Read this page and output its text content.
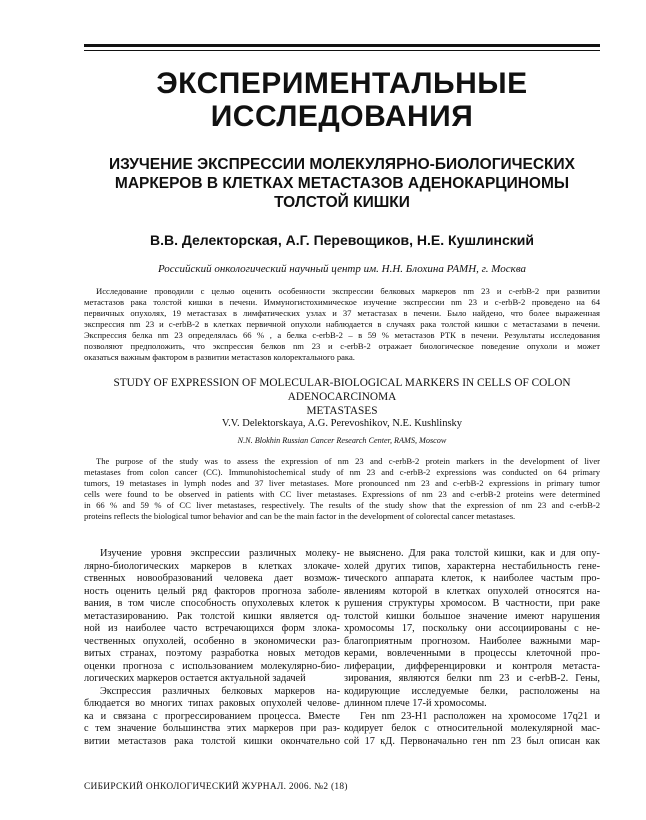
ЭКСПЕРИМЕНТАЛЬНЫЕ
ИССЛЕДОВАНИЯ
ИЗУЧЕНИЕ ЭКСПРЕССИИ МОЛЕКУЛЯРНО-БИОЛОГИЧЕСКИХ
МАРКЕРОВ В КЛЕТКАХ МЕТАСТАЗОВ АДЕНОКАРЦИНОМЫ
ТОЛСТОЙ КИШКИ
В.В. Делекторская, А.Г. Перевощиков, Н.Е. Кушлинский
Российский онкологический научный центр им. Н.Н. Блохина РАМН, г. Москва
Исследование проводили с целью оценить особенности экспрессии белковых маркеров nm 23 и c-erbB-2 при развитии
метастазов рака толстой кишки в печени. Иммуногистохимическое изучение экспрессии nm 23 и c-erbB-2 проведено на 64
первичных опухолях, 19 метастазах в лимфатических узлах и 37 метастазах в печени. Было найдено, что более выраженная
экспрессия nm 23 и c-erbB-2 в клетках первичной опухоли наблюдается в случаях рака толстой кишки с метастазами в печени.
Экспрессия белка nm 23 определялась 66 % , а белка c-erbB-2 – в 59 % метастазов РТК в печени. Результаты исследования
позволяют предположить, что экспрессия белков nm 23 и c-erbB-2 отражает биологическое поведение опухоли и может
оказаться важным фактором в развитии метастазов колоректального рака.
STUDY OF EXPRESSION OF MOLECULAR-BIOLOGICAL MARKERS IN CELLS OF COLON ADENOCARCINOMA
METASTASES
V.V. Delektorskaya, A.G. Perevoshikov, N.E. Kushlinsky
N.N. Blokhin Russian Cancer Research Center, RAMS, Moscow
The purpose of the study was to assess the expression of nm 23 and c-erbB-2 protein markers in the development of liver
metastases from colon cancer (CC). Immunohistochemical study of nm 23 and c-erbB-2 expressions was conducted on 64 primary
tumors, 19 metastases in lymph nodes and 37 liver metastases. More pronounced nm 23 and c-erbB-2 expressions in primary tumor
cells were found to be observed in patients with CC liver metastases. Expressions of nm 23 and c-erbB-2 proteins were determined
in 66 % and 59 % of CC liver metastases, respectively. The results of the study show that the expression of nm 23 and c-erbB-2
proteins reflects the biological tumor behavior and can be the main factor in the development of colorectal cancer metastases.
Изучение уровня экспрессии различных молеку-
лярно-биологических маркеров в клетках злокаче-
ственных новообразований человека дает возмож-
ность оценить целый ряд факторов прогноза заболе-
вания, в том числе способность опухолевых клеток к
метастазированию. Рак толстой кишки является од-
ной из наиболее часто встречающихся форм злока-
чественных опухолей, особенно в экономически раз-
витых странах, поэтому разработка новых методов
оценки прогноза с использованием молекулярно-био-
логических маркеров остается актуальной задачей
Экспрессия различных белковых маркеров на-
блюдается во многих типах раковых опухолей челове-
ка и связана с прогрессированием процесса. Вместе
с тем значение большинства этих маркеров при раз-
витии метастазов рака толстой кишки окончательно
не выяснено. Для рака толстой кишки, как и для опу-
холей других типов, характерна нестабильность гене-
тического аппарата клеток, к наиболее частым про-
явлениям которой в клетках опухолей относятся на-
рушения структуры хромосом. В частности, при раке
толстой кишки большое значение имеют нарушения
хромосомы 17, поскольку они ассоциированы с не-
благоприятным прогнозом. Наиболее важными мар-
керами, вовлеченными в процессы клеточной про-
лиферации, дифференцировки и контроля метаста-
зирования, являются белки nm 23 и c-erbB-2. Гены,
кодирующие исследуемые белки, расположены на
длинном плече 17-й хромосомы.
Ген nm 23-H1 расположен на хромосоме 17q21 и
кодирует белок с относительной молекулярной мас-
сой 17 кД. Первоначально ген nm 23 был описан как
СИБИРСКИЙ ОНКОЛОГИЧЕСКИЙ ЖУРНАЛ. 2006. №2 (18)
